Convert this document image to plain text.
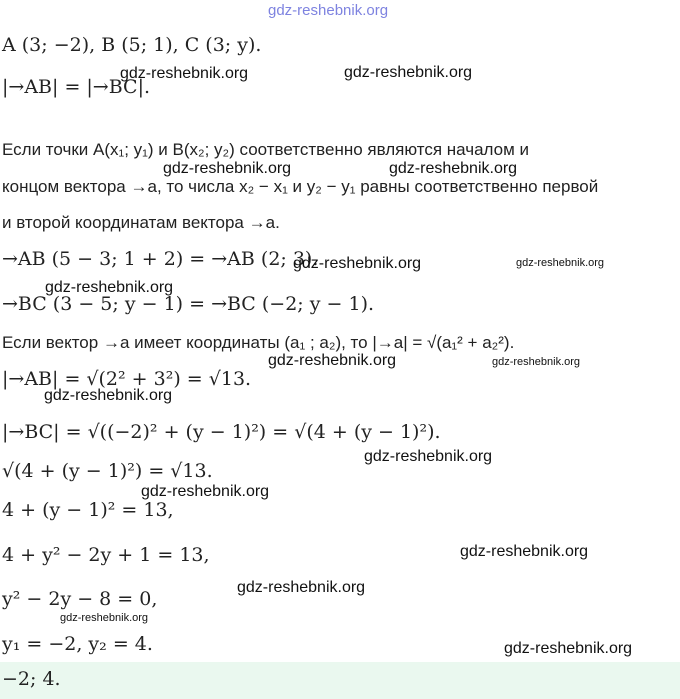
gdz-reshebnik.org
A (3; −2), B (5; 1), C (3; y).
|→AB| = |→BC|.
Если точки A(x₁; y₁) и B(x₂; y₂) соответственно являются началом и
концом вектора →a, то числа x₂ − x₁ и y₂ − y₁ равны соответственно первой
и второй координатам вектора →a.
→AB (5 − 3; 1 + 2) = →AB (2; 3).
→BC (3 − 5; y − 1) = →BC (−2; y − 1).
Если вектор →a имеет координаты (a₁ ; a₂), то |→a| = √(a₁² + a₂²).
|→AB| = √(2² + 3²) = √13.
|→BC| = √((−2)² + (y − 1)²) = √(4 + (y − 1)²).
√(4 + (y − 1)²) = √13.
4 + (y − 1)² = 13,
4 + y² − 2y + 1 = 13,
y² − 2y − 8 = 0,
y₁ = −2, y₂ = 4.
−2; 4.
gdz-reshebnik.org	gdz-reshebnik.org
gdz-reshebnik.org	gdz-reshebnik.org
gdz-reshebnik.org	gdz-reshebnik.org
gdz-reshebnik.org
gdz-reshebnik.org	gdz-reshebnik.org
gdz-reshebnik.org
gdz-reshebnik.org
gdz-reshebnik.org
gdz-reshebnik.org
gdz-reshebnik.org
gdz-reshebnik.org
gdz-reshebnik.org
